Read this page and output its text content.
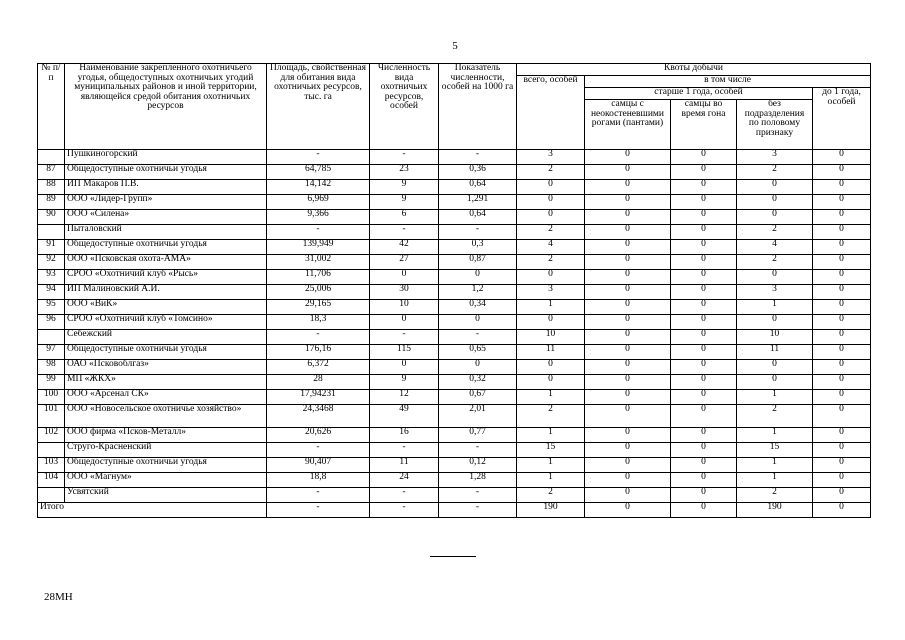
5
№ п/п	Наименование закрепленного охотничьего угодья, общедоступных охотничьих угодий муниципальных районов и иной территории, являющейся средой обитания охотничьих ресурсов	Площадь, свойственная для обитания вида охотничьих ресурсов, тыс. га	Численность вида охотничьих ресурсов, особей	Показатель численности, особей на 1000 га	Квоты добычи				
					всего, особей	в том числе			
						старше 1 года, особей			до 1 года, особей
						самцы с неокостеневшими рогами (пантами)	самцы во время гона	без подразделения по половому признаку	
	Пушкиногорский	-	-	-	3	0	0	3	0
87	Общедоступные охотничьи угодья	64,785	23	0,36	2	0	0	2	0
88	ИП Макаров П.В.	14,142	9	0,64	0	0	0	0	0
89	ООО «Лидер-Групп»	6,969	9	1,291	0	0	0	0	0
90	ООО «Силена»	9,366	6	0,64	0	0	0	0	0
	Пыталовский	-	-	-	2	0	0	2	0
91	Общедоступные охотничьи угодья	139,949	42	0,3	4	0	0	4	0
92	ООО «Псковская охота-АМА»	31,002	27	0,87	2	0	0	2	0
93	СРОО «Охотничий клуб «Рысь»	11,706	0	0	0	0	0	0	0
94	ИП Малиновский А.И.	25,006	30	1,2	3	0	0	3	0
95	ООО «ВиК»	29,165	10	0,34	1	0	0	1	0
96	СРОО «Охотничий клуб «Томсино»	18,3	0	0	0	0	0	0	0
	Себежский	-	-	-	10	0	0	10	0
97	Общедоступные охотничьи угодья	176,16	115	0,65	11	0	0	11	0
98	ОАО «Псковоблгаз»	6,372	0	0	0	0	0	0	0
99	МП «ЖКХ»	28	9	0,32	0	0	0	0	0
100	ООО «Арсенал СК»	17,94231	12	0,67	1	0	0	1	0
101	ООО «Новосельское охотничье хозяйство»	24,3468	49	2,01	2	0	0	2	0
102	ООО фирма «Псков-Металл»	20,626	16	0,77	1	0	0	1	0
	Струго-Красненский	-	-	-	15	0	0	15	0
103	Общедоступные охотничьи угодья	90,407	11	0,12	1	0	0	1	0
104	ООО «Магнум»	18,8	24	1,28	1	0	0	1	0
	Усвятский	-	-	-	2	0	0	2	0
Итого		-	-	-	190	0	0	190	0
28МН
